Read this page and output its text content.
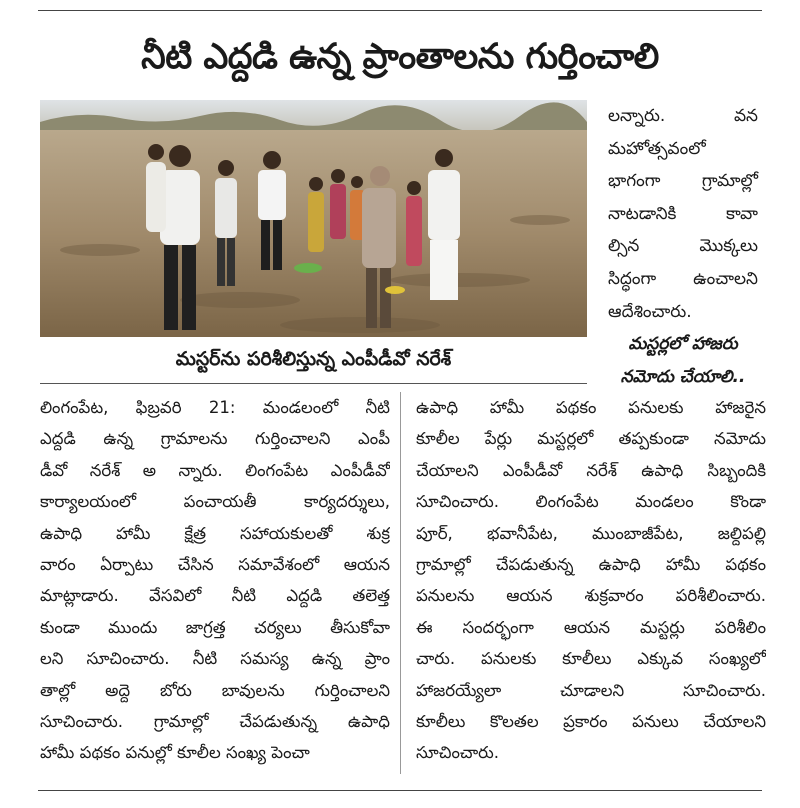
నీటి ఎద్దడి ఉన్న ప్రాంతాలను గుర్తించాలి
మస్టర్‌ను పరిశీలిస్తున్న ఎంపీడీవో నరేశ్
లన్నారు. వన
మహోత్సవంలో
భాగంగా గ్రామాల్లో
నాటడానికి కావా
ల్సిన మొక్కలు
సిద్ధంగా ఉంచాలని
ఆదేశించారు.
మస్టర్లలో హాజరు
నమోదు చేయాలి..
లింగంపేట, ఫిబ్రవరి 21: మండలంలో నీటి
ఎద్దడి ఉన్న గ్రామాలను గుర్తించాలని ఎంపీ
డీవో నరేశ్ అ న్నారు. లింగంపేట ఎంపీడీవో
కార్యాలయంలో పంచాయతీ కార్యదర్శులు,
ఉపాధి హామీ క్షేత్ర సహాయకులతో శుక్ర
వారం ఏర్పాటు చేసిన సమావేశంలో ఆయన
మాట్లాడారు. వేసవిలో నీటి ఎద్దడి తలెత్త
కుండా ముందు జాగ్రత్త చర్యలు తీసుకోవా
లని సూచించారు. నీటి సమస్య ఉన్న ప్రాం
తాల్లో అద్దె బోరు బావులను గుర్తించాలని
సూచించారు. గ్రామాల్లో చేపడుతున్న ఉపాధి
హామీ పథకం పనుల్లో కూలీల సంఖ్య పెంచా
ఉపాధి హామీ పథకం పనులకు హాజరైన
కూలీల పేర్లు మస్టర్లలో తప్పకుండా నమోదు
చేయాలని ఎంపీడీవో నరేశ్ ఉపాధి సిబ్బందికి
సూచించారు. లింగంపేట మండలం కొండా
పూర్, భవానీపేట, ముంబాజీపేట, జల్దిపల్లి
గ్రామాల్లో చేపడుతున్న ఉపాధి హామీ పథకం
పనులను ఆయన శుక్రవారం పరిశీలించారు.
ఈ సందర్భంగా ఆయన మస్టర్లు పరిశీలిం
చారు. పనులకు కూలీలు ఎక్కువ సంఖ్యలో
హాజరయ్యేలా చూడాలని సూచించారు.
కూలీలు కొలతల ప్రకారం పనులు చేయాలని
సూచించారు.
